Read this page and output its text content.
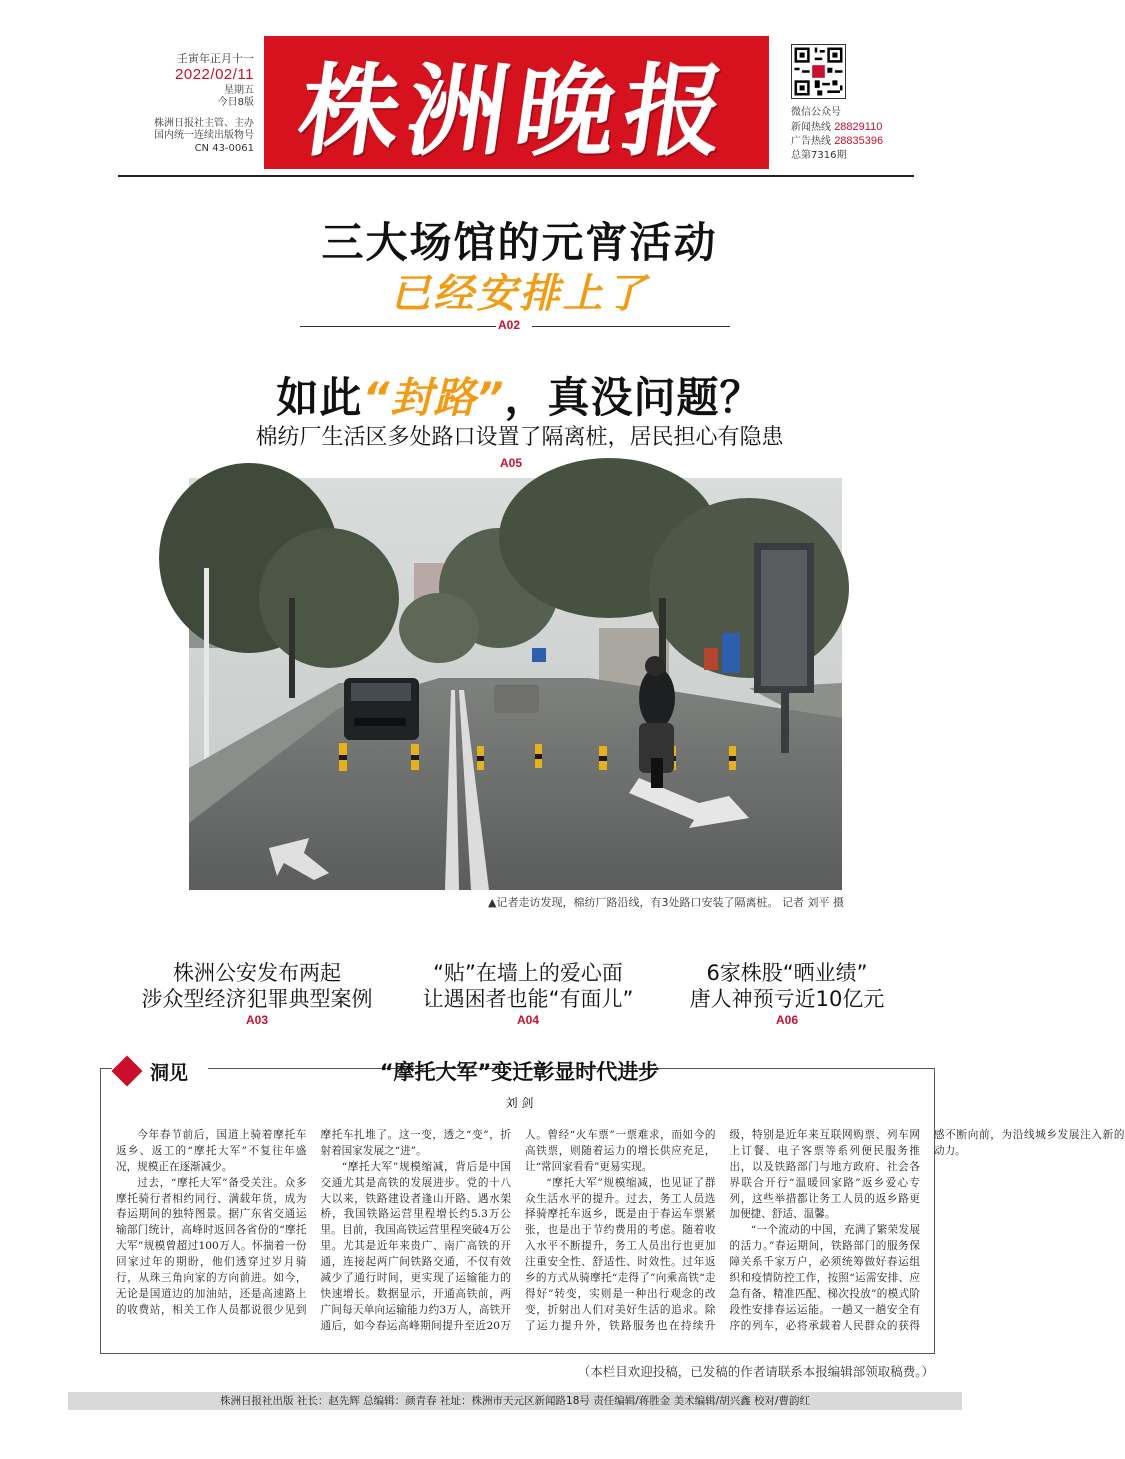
壬寅年正月十一
2022/02/11
星期五
今日8版
株洲日报社主管、主办
国内统一连续出版物号
CN 43-0061 株洲晚报	微信公众号
新闻热线 28829110
广告热线 28835396
总第7316期
三大场馆的元宵活动
已经安排上了
A02
如此“封路”，真没问题？
棉纺厂生活区多处路口设置了隔离桩，居民担心有隐患
A05
▲记者走访发现，棉纺厂路沿线，有3处路口安装了隔离桩。 记者 刘平 摄
株洲公安发布两起
涉众型经济犯罪典型案例
A03
“贴”在墙上的爱心面
让遇困者也能“有面儿”
A04
6家株股“晒业绩”
唐人神预亏近10亿元
A06
洞见	“摩托大军”变迁彰显时代进步
刘 剑

今年春节前后，国道上骑着摩托车返乡、返工的“摩托大军”不复往年盛况，规模正在逐渐减少。

过去，“摩托大军”备受关注。众多摩托骑行者相约同行、满载年货，成为春运期间的独特图景。据广东省交通运输部门统计，高峰时返回各省份的“摩托大军”规模曾超过100万人。怀揣着一份回家过年的期盼，他们透穿过岁月骑行，从珠三角向家的方向前进。如今，无论是国道边的加油站，还是高速路上的收费站，相关工作人员都说很少见到摩托车扎堆了。这一变，透之“变”，折射着国家发展之“进”。

“摩托大军”规模缩减，背后是中国交通尤其是高铁的发展进步。党的十八大以来，铁路建设者逢山开路、遇水架桥，我国铁路运营里程增长约5.3万公里。目前，我国高铁运营里程突破4万公里。尤其是近年来贵广、南广高铁的开通，连接起两广间铁路交通，不仅有效减少了通行时间，更实现了运输能力的快速增长。数据显示，开通高铁前，两广间每天单向运输能力约3万人，高铁开通后，如今春运高峰期间提升至近20万人。曾经“火车票”一票难求，而如今的高铁票，则随着运力的增长供应充足，让“常回家看看”更易实现。

“摩托大军”规模缩减，也见证了群众生活水平的提升。过去，务工人员选择骑摩托车返乡，既是由于春运车票紧张，也是出于节约费用的考虑。随着收入水平不断提升，务工人员出行也更加注重安全性、舒适性、时效性。过年返乡的方式从骑摩托“走得了”向乘高铁“走得好”转变，实则是一种出行观念的改变，折射出人们对美好生活的追求。除了运力提升外，铁路服务也在持续升级，特别是近年来互联网购票、列车网上订餐、电子客票等系列便民服务推出，以及铁路部门与地方政府、社会各界联合开行“温暖回家路”返乡爱心专列，这些举措都让务工人员的返乡路更加便捷、舒适、温馨。

“一个流动的中国，充满了繁荣发展的活力。”春运期间，铁路部门的服务保障关系千家万户，必须统筹做好春运组织和疫情防控工作，按照“运需安排、应急有备、精准匹配、梯次投放”的模式阶段性安排春运运能。一趟又一趟安全有序的列车，必将承载着人民群众的获得感不断向前，为沿线城乡发展注入新的动力。

（本栏目欢迎投稿，已发稿的作者请联系本报编辑部领取稿费。）
株洲日报社出版 社长：赵先辉 总编辑：颜青春 社址：株洲市天元区新闻路18号 责任编辑/蒋胜金 美术编辑/胡兴鑫 校对/曹韵红
